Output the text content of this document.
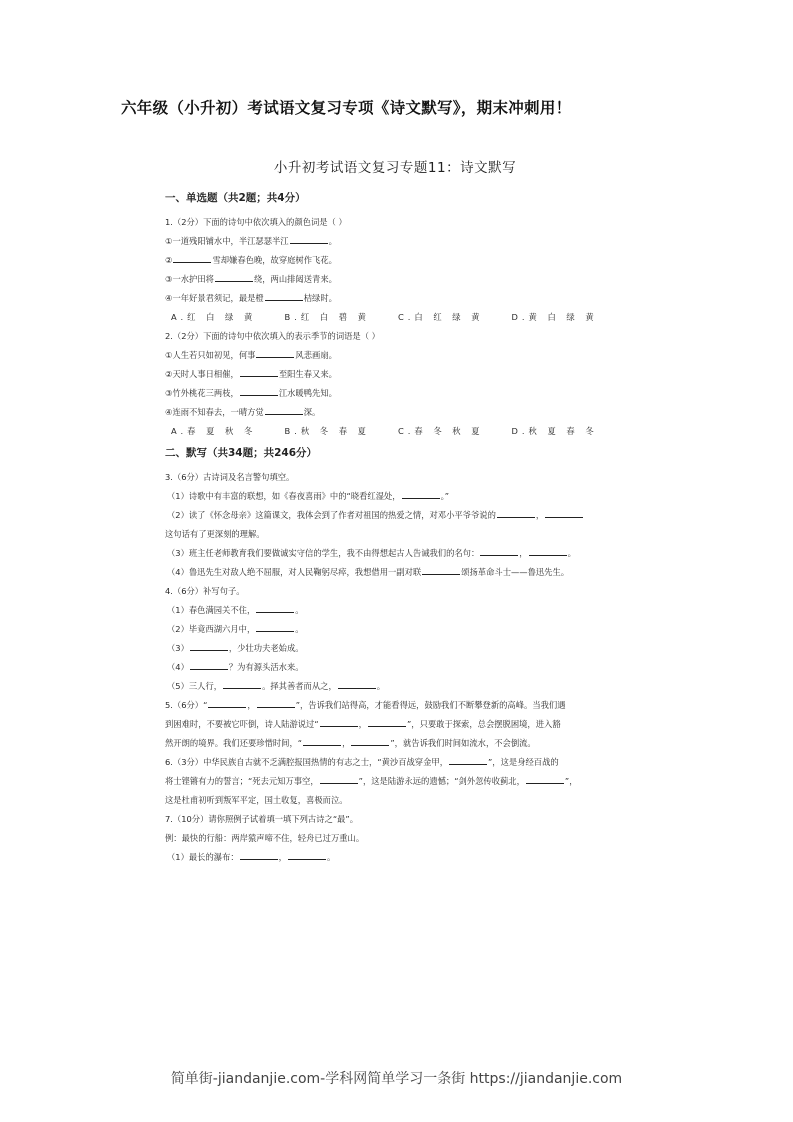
六年级（小升初）考试语文复习专项《诗文默写》，期末冲刺用！
小升初考试语文复习专题11：诗文默写
一、单选题（共2题；共4分）
1.（2分）下面的诗句中依次填入的颜色词是（ ）
①一道残阳铺水中，半江瑟瑟半江	。
②	雪却嫌春色晚，故穿庭树作飞花。
③一水护田将	绕，两山排闼送青来。
④一年好景君须记，最是橙	桔绿时。
A.红 白 绿 黄	B.红 白 碧 黄	C.白 红 绿 黄	D.黄 白 绿 黄
2.（2分）下面的诗句中依次填入的表示季节的词语是（ ）
①人生若只如初见，何事	风悲画扇。
②天时人事日相催，	至阳生春又来。
③竹外桃花三两枝，	江水暖鸭先知。
④连雨不知春去，一晴方觉	深。
A.春 夏 秋 冬	B.秋 冬 春 夏	C.春 冬 秋 夏	D.秋 夏 春 冬
二、默写（共34题；共246分）
3.（6分）古诗词及名言警句填空。
（1）诗歌中有丰富的联想，如《春夜喜雨》中的“晓看红湿处，	。”
（2）读了《怀念母亲》这篇课文，我体会到了作者对祖国的热爱之情，对邓小平爷爷说的	，
这句话有了更深刻的理解。
（3）班主任老师教育我们要做诚实守信的学生，我不由得想起古人告诫我们的名句：	，	。
（4）鲁迅先生对敌人绝不屈服，对人民鞠躬尽瘁，我想借用一副对联	颂扬革命斗士——鲁迅先生。
4.（6分）补写句子。
（1）春色满园关不住，	。
（2）毕竟西湖六月中，	。
（3）	，少壮功夫老始成。
（4）	？为有源头活水来。
（5）三人行，	。择其善者而从之，	。
5.（6分）“	，	”，告诉我们站得高，才能看得远，鼓励我们不断攀登新的高峰。当我们遇
到困难时，不要被它吓倒，诗人陆游说过“	，	”，只要敢于探索，总会摆脱困境，进入豁
然开朗的境界。我们还要珍惜时间，“	，	”，就告诉我们时间如流水，不会倒流。
6.（3分）中华民族自古就不乏满腔报国热情的有志之士，“黄沙百战穿金甲，	”，这是身经百战的
将士铿锵有力的誓言；“死去元知万事空，	”，这是陆游永远的遗憾；“剑外忽传收蓟北，	”，
这是杜甫初听到叛军平定，国土收复，喜极而泣。
7.（10分）请你照例子试着填一填下列古诗之“最”。
例：最快的行船：两岸猿声啼不住，轻舟已过万重山。
（1）最长的瀑布：	，	。
简单街-jiandanjie.com-学科网简单学习一条街 https://jiandanjie.com
